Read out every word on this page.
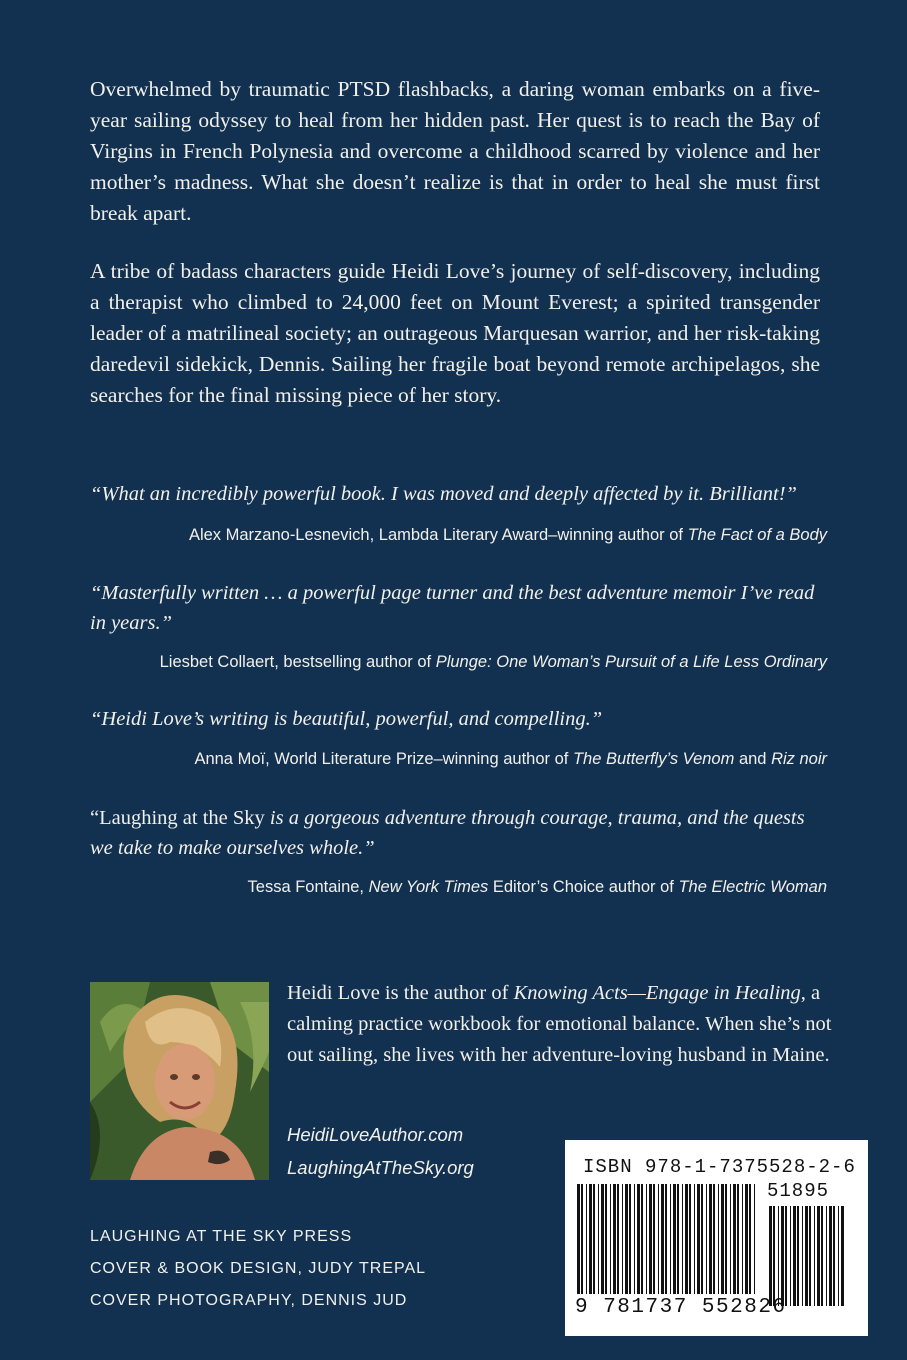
Overwhelmed by traumatic PTSD flashbacks, a daring woman embarks on a five-year sailing odyssey to heal from her hidden past. Her quest is to reach the Bay of Virgins in French Polynesia and overcome a childhood scarred by violence and her mother’s madness. What she doesn’t realize is that in order to heal she must first break apart.
A tribe of badass characters guide Heidi Love’s journey of self-discovery, including a therapist who climbed to 24,000 feet on Mount Everest; a spirited transgender leader of a matrilineal society; an outrageous Marquesan warrior, and her risk-taking daredevil sidekick, Dennis. Sailing her fragile boat beyond remote archipelagos, she searches for the final missing piece of her story.
“What an incredibly powerful book. I was moved and deeply affected by it. Brilliant!”
Alex Marzano-Lesnevich, Lambda Literary Award–winning author of The Fact of a Body
“Masterfully written … a powerful page turner and the best adventure memoir I’ve read in years.”
Liesbet Collaert, bestselling author of Plunge: One Woman’s Pursuit of a Life Less Ordinary
“Heidi Love’s writing is beautiful, powerful, and compelling.”
Anna Moï, World Literature Prize–winning author of The Butterfly’s Venom and Riz noir
“Laughing at the Sky is a gorgeous adventure through courage, trauma, and the quests we take to make ourselves whole.”
Tessa Fontaine, New York Times Editor’s Choice author of The Electric Woman
Heidi Love is the author of Knowing Acts—Engage in Healing, a calming practice workbook for emotional balance. When she’s not out sailing, she lives with her adventure-loving husband in Maine.
HeidiLoveAuthor.com
LaughingAtTheSky.org
LAUGHING AT THE SKY PRESS
COVER & BOOK DESIGN, JUDY TREPAL
COVER PHOTOGRAPHY, DENNIS JUD
ISBN 978-1-7375528-2-6
51895
9 781737 552826
